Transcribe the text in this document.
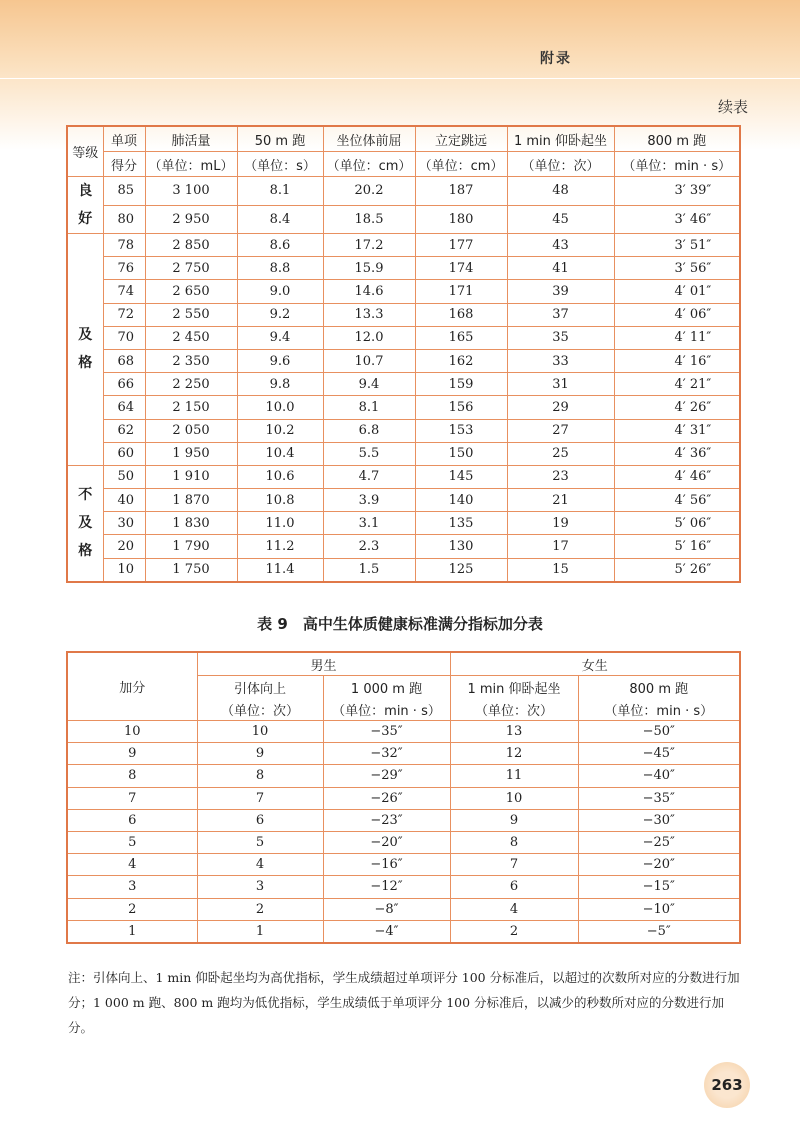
附录
续表
等级	单项	肺活量	50 m 跑	坐位体前屈	立定跳远	1 min 仰卧起坐	800 m 跑
	得分	（单位：mL）	（单位：s）	（单位：cm）	（单位：cm）	（单位：次）	（单位：min · s）

良
好	85	3 100	8.1	20.2	187	48	3′ 39″
	80	2 950	8.4	18.5	180	45	3′ 46″

及
格	78	2 850	8.6	17.2	177	43	3′ 51″
	76	2 750	8.8	15.9	174	41	3′ 56″
	74	2 650	9.0	14.6	171	39	4′ 01″
	72	2 550	9.2	13.3	168	37	4′ 06″
	70	2 450	9.4	12.0	165	35	4′ 11″
	68	2 350	9.6	10.7	162	33	4′ 16″
	66	2 250	9.8	9.4	159	31	4′ 21″
	64	2 150	10.0	8.1	156	29	4′ 26″
	62	2 050	10.2	6.8	153	27	4′ 31″
	60	1 950	10.4	5.5	150	25	4′ 36″

不
及
格	50	1 910	10.6	4.7	145	23	4′ 46″
	40	1 870	10.8	3.9	140	21	4′ 56″
	30	1 830	11.0	3.1	135	19	5′ 06″
	20	1 790	11.2	2.3	130	17	5′ 16″
	10	1 750	11.4	1.5	125	15	5′ 26″
表 9　高中生体质健康标准满分指标加分表
加分	男生		女生	
	引体向上	1 000 m 跑	1 min 仰卧起坐	800 m 跑
	（单位：次）	（单位：min · s）	（单位：次）	（单位：min · s）
10	10	−35″	13	−50″
9	9	−32″	12	−45″
8	8	−29″	11	−40″
7	7	−26″	10	−35″
6	6	−23″	9	−30″
5	5	−20″	8	−25″
4	4	−16″	7	−20″
3	3	−12″	6	−15″
2	2	−8″	4	−10″
1	1	−4″	2	−5″
注：引体向上、1 min 仰卧起坐均为高优指标，学生成绩超过单项评分 100 分标准后，以超过的次数所对应的分数进行加分；1 000 m 跑、800 m 跑均为低优指标，学生成绩低于单项评分 100 分标准后，以减少的秒数所对应的分数进行加分。
263
